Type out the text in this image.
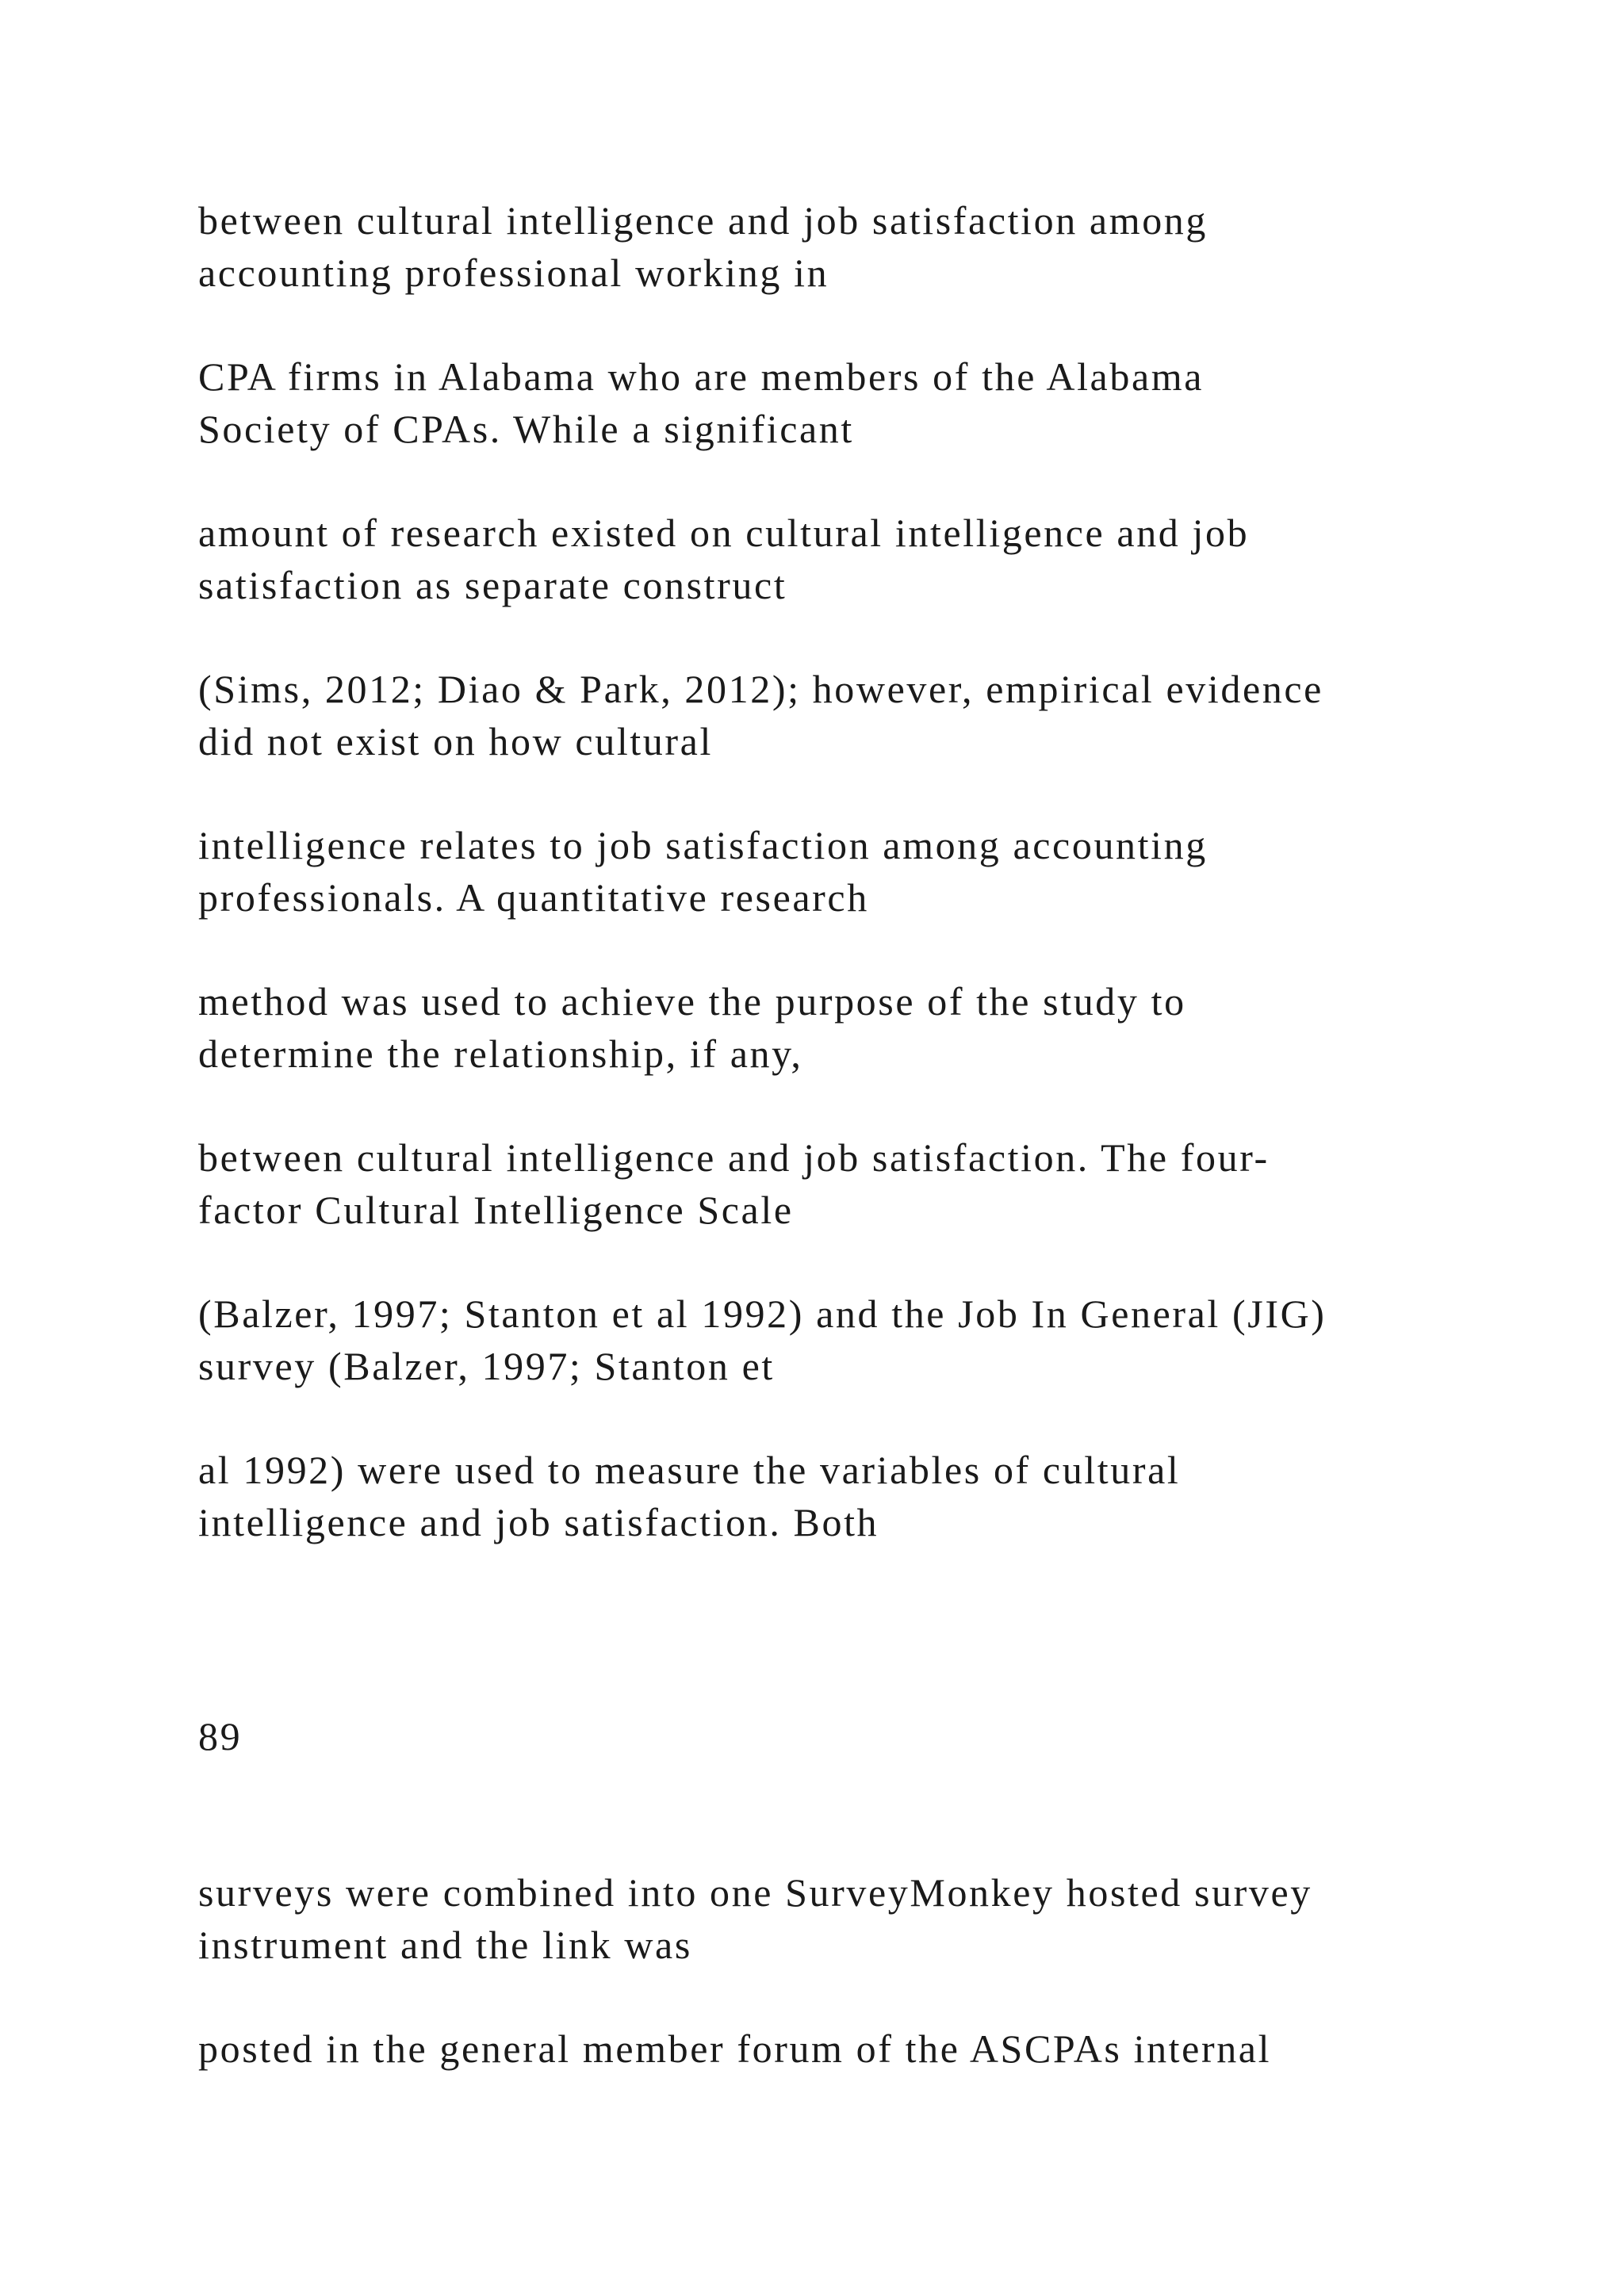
between cultural intelligence and job satisfaction among
accounting professional working in

CPA firms in Alabama who are members of the Alabama
Society of CPAs. While a significant

amount of research existed on cultural intelligence and job
satisfaction as separate construct

(Sims, 2012; Diao & Park, 2012); however, empirical evidence
did not exist on how cultural

intelligence relates to job satisfaction among accounting
professionals. A quantitative research

method was used to achieve the purpose of the study to
determine the relationship, if any,

between cultural intelligence and job satisfaction. The four-
factor Cultural Intelligence Scale

(Balzer, 1997; Stanton et al 1992) and the Job In General (JIG)
survey (Balzer, 1997; Stanton et

al 1992) were used to measure the variables of cultural
intelligence and job satisfaction. Both

89

surveys were combined into one SurveyMonkey hosted survey
instrument and the link was

posted in the general member forum of the ASCPAs internal
